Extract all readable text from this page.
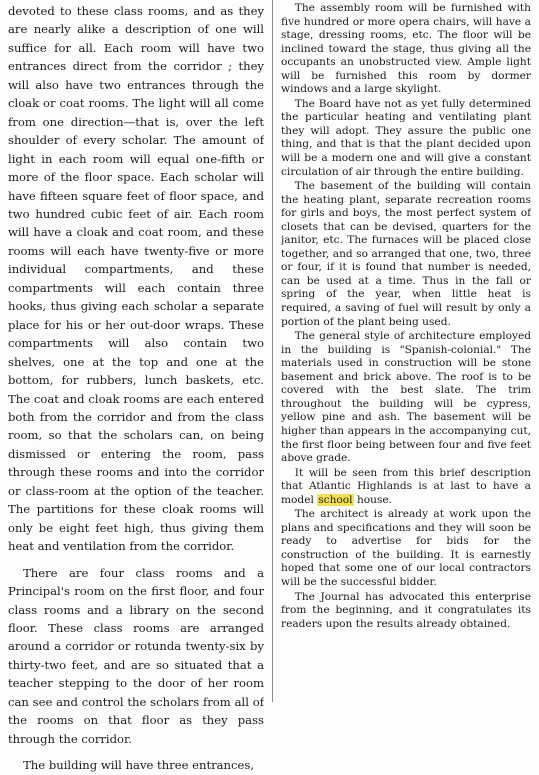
devoted to these class rooms, and as they are nearly alike a description of one will suffice for all. Each room will have two entrances direct from the corridor ; they will also have two entrances through the cloak or coat rooms. The light will all come from one direction—that is, over the left shoulder of every scholar. The amount of light in each room will equal one-fifth or more of the floor space. Each scholar will have fifteen square feet of floor space, and two hundred cubic feet of air. Each room will have a cloak and coat room, and these rooms will each have twenty-five or more individual compartments, and these compartments will each contain three hooks, thus giving each scholar a separate place for his or her out-door wraps. These compartments will also contain two shelves, one at the top and one at the bottom, for rubbers, lunch baskets, etc. The coat and cloak rooms are each entered both from the corridor and from the class room, so that the scholars can, on being dismissed or entering the room, pass through these rooms and into the corridor or class-room at the option of the teacher. The partitions for these cloak rooms will only be eight feet high, thus giving them heat and ventilation from the corridor.

There are four class rooms and a Principal's room on the first floor, and four class rooms and a library on the second floor. These class rooms are arranged around a corridor or rotunda twenty-six by thirty-two feet, and are so situated that a teacher stepping to the door of her room can see and control the scholars from all of the rooms on that floor as they pass through the corridor.

The building will have three entrances,

The assembly room will be furnished with five hundred or more opera chairs, will have a stage, dressing rooms, etc. The floor will be inclined toward the stage, thus giving all the occupants an unobstructed view. Ample light will be furnished this room by dormer windows and a large skylight.

The Board have not as yet fully determined the particular heating and ventilating plant they will adopt. They assure the public one thing, and that is that the plant decided upon will be a modern one and will give a constant circulation of air through the entire building.

The basement of the building will contain the heating plant, separate recreation rooms for girls and boys, the most perfect system of closets that can be devised, quarters for the janitor, etc. The furnaces will be placed close together, and so arranged that one, two, three or four, if it is found that number is needed, can be used at a time. Thus in the fall or spring of the year, when little heat is required, a saving of fuel will result by only a portion of the plant being used.

The general style of architecture employed in the building is "Spanish-colonial." The materials used in construction will be stone basement and brick above. The roof is to be covered with the best slate. The trim throughout the building will be cypress, yellow pine and ash. The basement will be higher than appears in the accompanying cut, the first floor being between four and five feet above grade.

It will be seen from this brief description that Atlantic Highlands is at last to have a model school house.

The architect is already at work upon the plans and specifications and they will soon be ready to advertise for bids for the construction of the building. It is earnestly hoped that some one of our local contractors will be the successful bidder.

The Journal has advocated this enterprise from the beginning, and it congratulates its readers upon the results already obtained.
